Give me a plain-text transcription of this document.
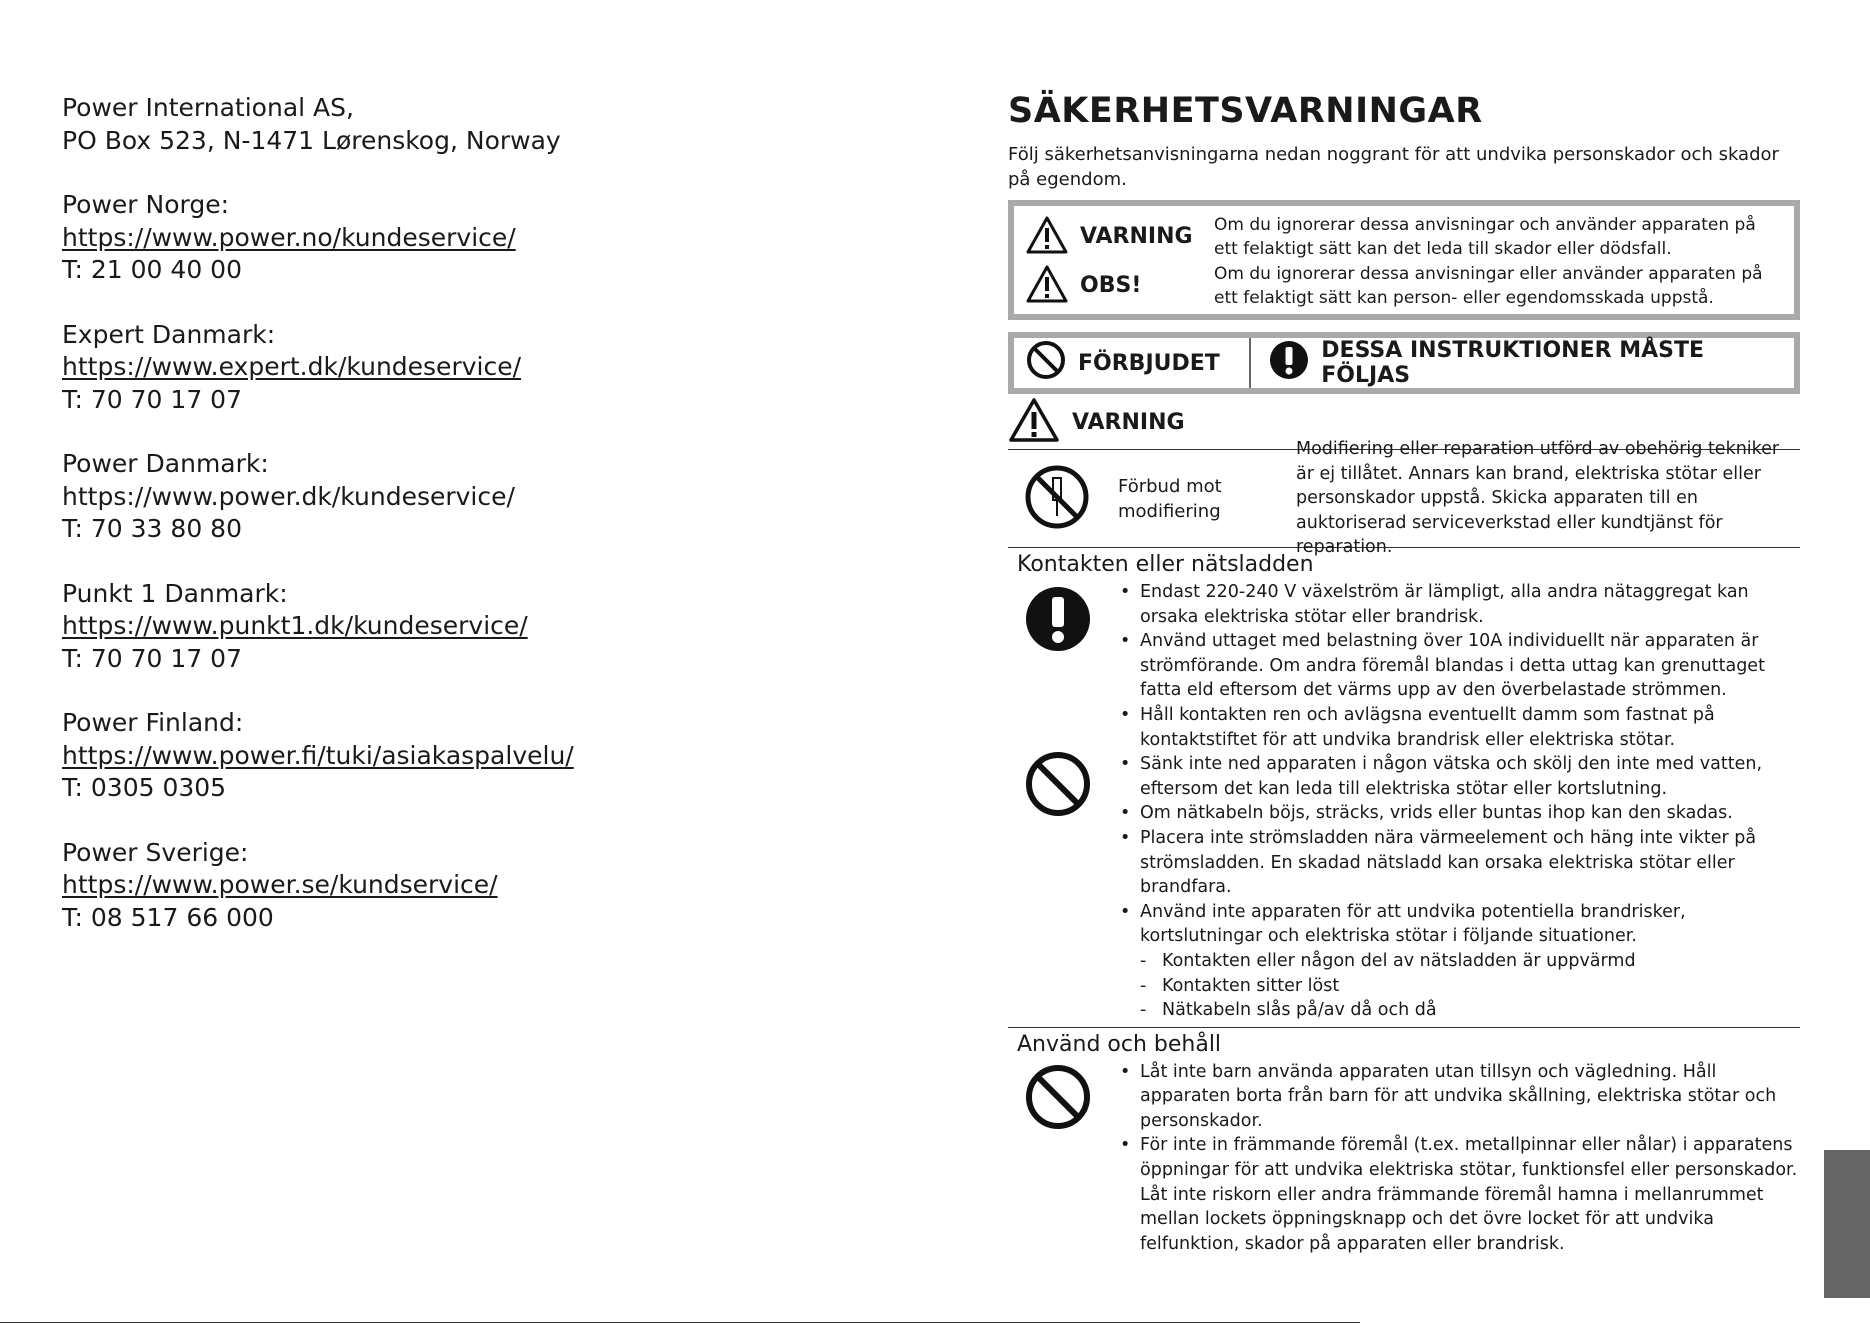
Power International AS,
PO Box 523, N-1471 Lørenskog, Norway
Power Norge:
https://www.power.no/kundeservice/
T: 21 00 40 00
Expert Danmark:
https://www.expert.dk/kundeservice/
T: 70 70 17 07
Power Danmark:
https://www.power.dk/kundeservice/
T: 70 33 80 80
Punkt 1 Danmark:
https://www.punkt1.dk/kundeservice/
T: 70 70 17 07
Power Finland:
https://www.power.fi/tuki/asiakaspalvelu/
T: 0305 0305
Power Sverige:
https://www.power.se/kundservice/
T: 08 517 66 000
SÄKERHETSVARNINGAR

Följ säkerhetsanvisningarna nedan noggrant för att undvika personskador och skador på egendom.

VARNING Om du ignorerar dessa anvisningar och använder apparaten på ett felaktigt sätt kan det leda till skador eller dödsfall.
OBS!	Om du ignorerar dessa anvisningar eller använder apparaten på ett felaktigt sätt kan person- eller egendomsskada uppstå.
FÖRBJUDET	DESSA INSTRUKTIONER MÅSTE FÖLJAS
VARNING
Förbud mot modifiering
Modifiering eller reparation utförd av obehörig tekniker är ej tillåtet. Annars kan brand, elektriska stötar eller personskador uppstå. Skicka apparaten till en auktoriserad serviceverkstad eller kundtjänst för reparation.
Kontakten eller nätsladden
• Endast 220-240 V växelström är lämpligt, alla andra nätaggregat kan orsaka elektriska stötar eller brandrisk.
• Använd uttaget med belastning över 10A individuellt när apparaten är strömförande. Om andra föremål blandas i detta uttag kan grenuttaget fatta eld eftersom det värms upp av den överbelastade strömmen.
• Håll kontakten ren och avlägsna eventuellt damm som fastnat på kontaktstiftet för att undvika brandrisk eller elektriska stötar.
• Sänk inte ned apparaten i någon vätska och skölj den inte med vatten, eftersom det kan leda till elektriska stötar eller kortslutning.
• Om nätkabeln böjs, sträcks, vrids eller buntas ihop kan den skadas.
• Placera inte strömsladden nära värmeelement och häng inte vikter på strömsladden. En skadad nätsladd kan orsaka elektriska stötar eller brandfara.
• Använd inte apparaten för att undvika potentiella brandrisker, kortslutningar och elektriska stötar i följande situationer.
- Kontakten eller någon del av nätsladden är uppvärmd
- Kontakten sitter löst
- Nätkabeln slås på/av då och då
Använd och behåll
• Låt inte barn använda apparaten utan tillsyn och vägledning. Håll apparaten borta från barn för att undvika skållning, elektriska stötar och personskador.
• För inte in främmande föremål (t.ex. metallpinnar eller nålar) i apparatens öppningar för att undvika elektriska stötar, funktionsfel eller personskador. Låt inte riskorn eller andra främmande föremål hamna i mellanrummet mellan lockets öppningsknapp och det övre locket för att undvika felfunktion, skador på apparaten eller brandrisk.
